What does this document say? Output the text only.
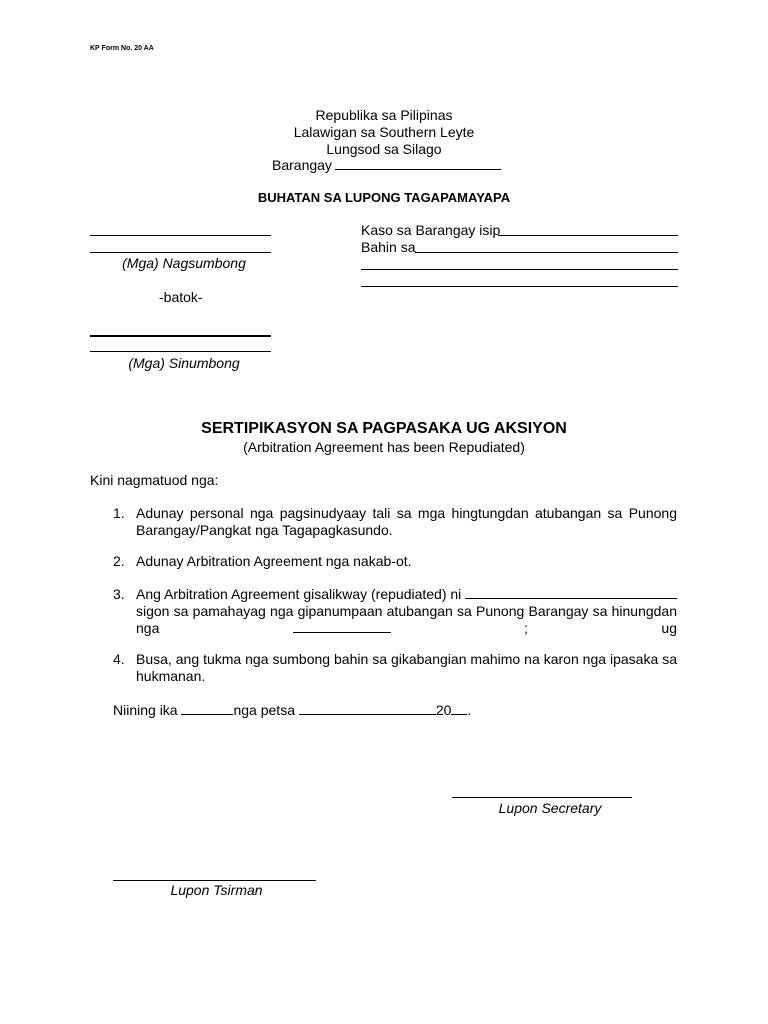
KP Form No. 20 AA
Republika sa Pilipinas
Lalawigan sa Southern Leyte
Lungsod sa Silago
Barangay
BUHATAN SA LUPONG TAGAPAMAYAPA
(Mga) Nagsumbong
-batok-
(Mga) Sinumbong
Kaso sa Barangay isip
Bahin sa
SERTIPIKASYON SA PAGPASAKA UG AKSIYON
(Arbitration Agreement has been Repudiated)
Kini nagmatuod nga:
1. Adunay personal nga pagsinudyaay tali sa mga hingtungdan atubangan sa Punong Barangay/Pangkat nga Tagapagkasundo.
2. Adunay Arbitration Agreement nga nakab-ot.
3. Ang Arbitration Agreement gisalikway (repudiated) ni
sigon sa pamahayag nga gipanumpaan atubangan sa Punong Barangay sa hinungdan nga	; ug
4. Busa, ang tukma nga sumbong bahin sa gikabangian mahimo na karon nga ipasaka sa hukmanan.
Niining ika	nga petsa	20 .
Lupon Secretary
Lupon Tsirman
